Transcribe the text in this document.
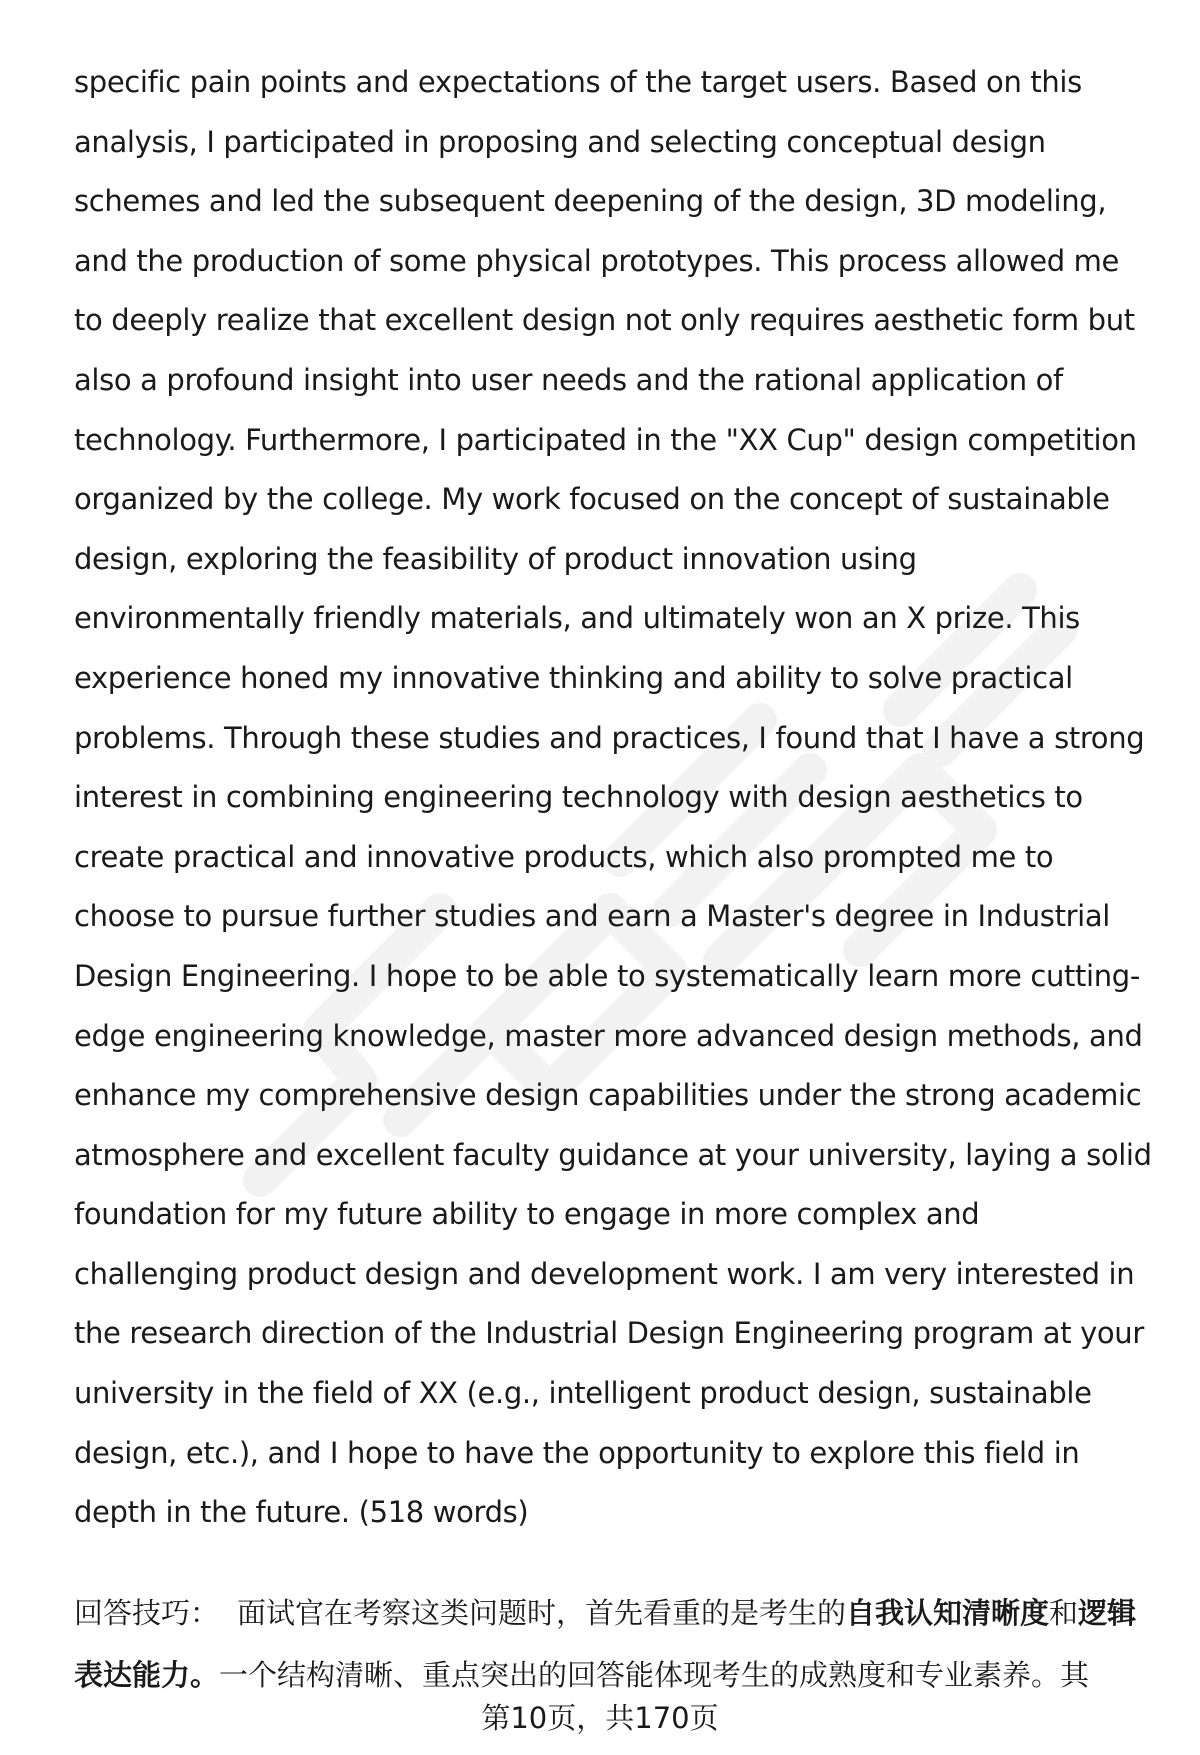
specific pain points and expectations of the target users. Based on this
analysis, I participated in proposing and selecting conceptual design
schemes and led the subsequent deepening of the design, 3D modeling,
and the production of some physical prototypes. This process allowed me
to deeply realize that excellent design not only requires aesthetic form but
also a profound insight into user needs and the rational application of
technology. Furthermore, I participated in the "XX Cup" design competition
organized by the college. My work focused on the concept of sustainable
design, exploring the feasibility of product innovation using
environmentally friendly materials, and ultimately won an X prize. This
experience honed my innovative thinking and ability to solve practical
problems. Through these studies and practices, I found that I have a strong
interest in combining engineering technology with design aesthetics to
create practical and innovative products, which also prompted me to
choose to pursue further studies and earn a Master's degree in Industrial
Design Engineering. I hope to be able to systematically learn more cutting-
edge engineering knowledge, master more advanced design methods, and
enhance my comprehensive design capabilities under the strong academic
atmosphere and excellent faculty guidance at your university, laying a solid
foundation for my future ability to engage in more complex and
challenging product design and development work. I am very interested in
the research direction of the Industrial Design Engineering program at your
university in the field of XX (e.g., intelligent product design, sustainable
design, etc.), and I hope to have the opportunity to explore this field in
depth in the future. (518 words)
回答技巧： 面试官在考察这类问题时，首先看重的是考生的自我认知清晰度和逻辑
表达能力。一个结构清晰、重点突出的回答能体现考生的成熟度和专业素养。其
第10页，共170页
